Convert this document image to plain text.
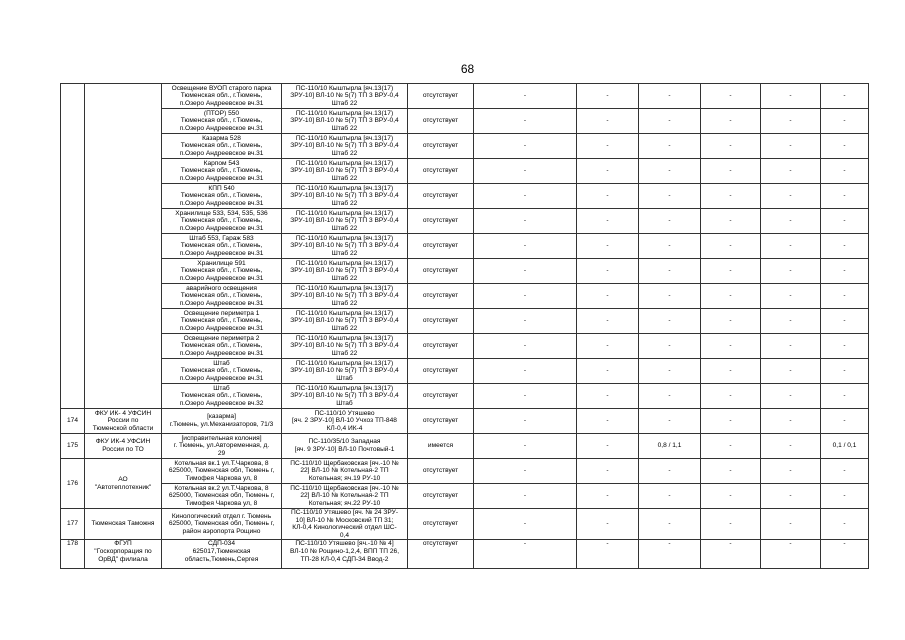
68
		Освещение ВУОП старого парка
Тюменская обл., г.Тюмень,
п.Озеро Андреевское вч.31	ПС-110/10 Кыштырла [яч.13(17)
ЗРУ-10] ВЛ-10 № 5(7) ТП 3 ВРУ-0,4
Штаб 22	отсутствует	-	-	-	-	-	-
		(ПТОР) 550
Тюменская обл., г.Тюмень,
п.Озеро Андреевское вч.31	ПС-110/10 Кыштырла [яч.13(17)
ЗРУ-10] ВЛ-10 № 5(7) ТП 3 ВРУ-0,4
Штаб 22	отсутствует	-	-	-	-	-	-
		Казарма 528
Тюменская обл., г.Тюмень,
п.Озеро Андреевское вч.31	ПС-110/10 Кыштырла [яч.13(17)
ЗРУ-10] ВЛ-10 № 5(7) ТП 3 ВРУ-0,4
Штаб 22	отсутствует	-	-	-	-	-	-
		Карпом 543
Тюменская обл., г.Тюмень,
п.Озеро Андреевское вч.31	ПС-110/10 Кыштырла [яч.13(17)
ЗРУ-10] ВЛ-10 № 5(7) ТП 3 ВРУ-0,4
Штаб 22	отсутствует	-	-	-	-	-	-
		КПП 540
Тюменская обл., г.Тюмень,
п.Озеро Андреевское вч.31	ПС-110/10 Кыштырла [яч.13(17)
ЗРУ-10] ВЛ-10 № 5(7) ТП 3 ВРУ-0,4
Штаб 22	отсутствует	-	-	-	-	-	-
		Хранилище 533, 534, 535, 536
Тюменская обл., г.Тюмень,
п.Озеро Андреевское вч.31	ПС-110/10 Кыштырла [яч.13(17)
ЗРУ-10] ВЛ-10 № 5(7) ТП 3 ВРУ-0,4
Штаб 22	отсутствует	-	-	-	-	-	-
		Штаб 553, Гараж 583
Тюменская обл., г.Тюмень,
п.Озеро Андреевское вч.31	ПС-110/10 Кыштырла [яч.13(17)
ЗРУ-10] ВЛ-10 № 5(7) ТП 3 ВРУ-0,4
Штаб 22	отсутствует	-	-	-	-	-	-
		Хранилище 591
Тюменская обл., г.Тюмень,
п.Озеро Андреевское вч.31	ПС-110/10 Кыштырла [яч.13(17)
ЗРУ-10] ВЛ-10 № 5(7) ТП 3 ВРУ-0,4
Штаб 22	отсутствует	-	-	-	-	-	-
		аварийного освещения
Тюменская обл., г.Тюмень,
п.Озеро Андреевское вч.31	ПС-110/10 Кыштырла [яч.13(17)
ЗРУ-10] ВЛ-10 № 5(7) ТП 3 ВРУ-0,4
Штаб 22	отсутствует	-	-	-	-	-	-
		Освещение периметра 1
Тюменская обл., г.Тюмень,
п.Озеро Андреевское вч.31	ПС-110/10 Кыштырла [яч.13(17)
ЗРУ-10] ВЛ-10 № 5(7) ТП 3 ВРУ-0,4
Штаб 22	отсутствует	-	-	-	-	-	-
		Освещение периметра 2
Тюменская обл., г.Тюмень,
п.Озеро Андреевское вч.31	ПС-110/10 Кыштырла [яч.13(17)
ЗРУ-10] ВЛ-10 № 5(7) ТП 3 ВРУ-0,4
Штаб 22	отсутствует	-	-	-	-	-	-
		Штаб
Тюменская обл., г.Тюмень,
п.Озеро Андреевское вч.31	ПС-110/10 Кыштырла [яч.13(17)
ЗРУ-10] ВЛ-10 № 5(7) ТП 3 ВРУ-0,4
Штаб	отсутствует	-	-	-	-	-	-
		Штаб
Тюменская обл., г.Тюмень,
п.Озеро Андреевское вч.32	ПС-110/10 Кыштырла [яч.13(17)
ЗРУ-10] ВЛ-10 № 5(7) ТП 3 ВРУ-0,4
Штаб	отсутствует	-	-	-	-	-	-
174	ФКУ ИК- 4 УФСИН
России по
Тюменской области	[казарма]
г.Тюмень, ул.Механизаторов, 71/3	ПС-110/10 Утяшево
[яч. 2 ЗРУ-10] ВЛ-10 Учхоз ТП-848
КЛ-0,4 ИК-4	отсутствует	-	-	-	-	-	-
175	ФКУ ИК-4 УФСИН
России по ТО	[исправительная колония]
г. Тюмень, ул.Автоременная, д.
29	ПС-110/35/10 Западная
[яч. 9 ЗРУ-10] ВЛ-10 Почтовый-1	имеется	-	-	0,8 / 1,1	-	-	0,1 / 0,1
176	АО
"Автотеплотехник"	Котельная вк.1 ул.Т.Чаркова, 8
625000, Тюменская обл, Тюмень г,
Тимофея Чаркова ул, 8	ПС-110/10 Щербаковская [яч.-10 №
22] ВЛ-10 № Котельная-2 ТП
Котельная; яч.19 РУ-10	отсутствует	-	-	-	-	-	-
		Котельная вк.2 ул.Т.Чаркова, 8
625000, Тюменская обл, Тюмень г,
Тимофея Чаркова ул, 8	ПС-110/10 Щербаковская [яч.-10 №
22] ВЛ-10 № Котельная-2 ТП
Котельная; яч.22 РУ-10	отсутствует	-	-	-	-	-	-
177	Тюменская Таможня	Кинологический отдел г. Тюмень
625000, Тюменская обл, Тюмень г,
район аэропорта Рощино	ПС-110/10 Утяшево [яч. № 24 ЗРУ-
10] ВЛ-10 № Московский ТП 31;
КЛ-0,4 Кинологический отдел ШС-
0,4	отсутствует	-	-	-	-	-	-
178	ФГУП
"Госкорпорация по
ОрВД" филиала	СДП-034
625017,Тюменская
область,Тюмень,Сергея	ПС-110/10 Утяшево [яч.-10 № 4]
ВЛ-10 № Рощино-1,2,4, ВПП ТП 26,
ТП-28 КЛ-0,4 СДП-34 Ввод-2	отсутствует	-	-	-	-	-	-
